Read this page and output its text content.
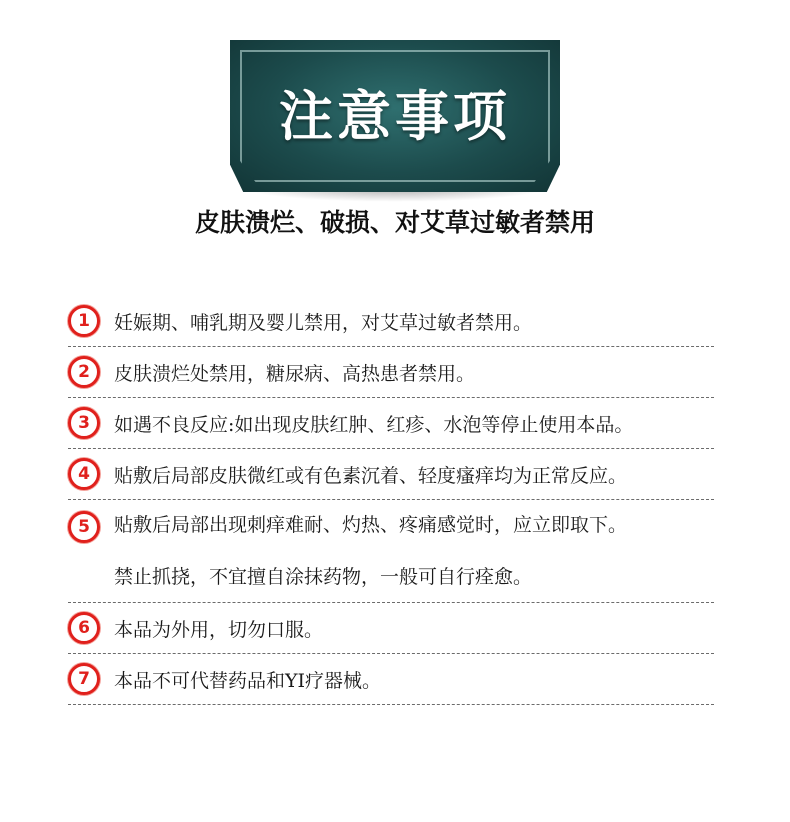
注意事项
皮肤溃烂、破损、对艾草过敏者禁用
1	妊娠期、哺乳期及婴儿禁用，对艾草过敏者禁用。
2	皮肤溃烂处禁用，糖尿病、高热患者禁用。
3	如遇不良反应:如出现皮肤红肿、红疹、水泡等停止使用本品。
4	贴敷后局部皮肤微红或有色素沉着、轻度瘙痒均为正常反应。
5	贴敷后局部出现刺痒难耐、灼热、疼痛感觉时，应立即取下。
禁止抓挠，不宜擅自涂抹药物，一般可自行痊愈。
6	本品为外用，切勿口服。
7	本品不可代替药品和YI疗器械。
